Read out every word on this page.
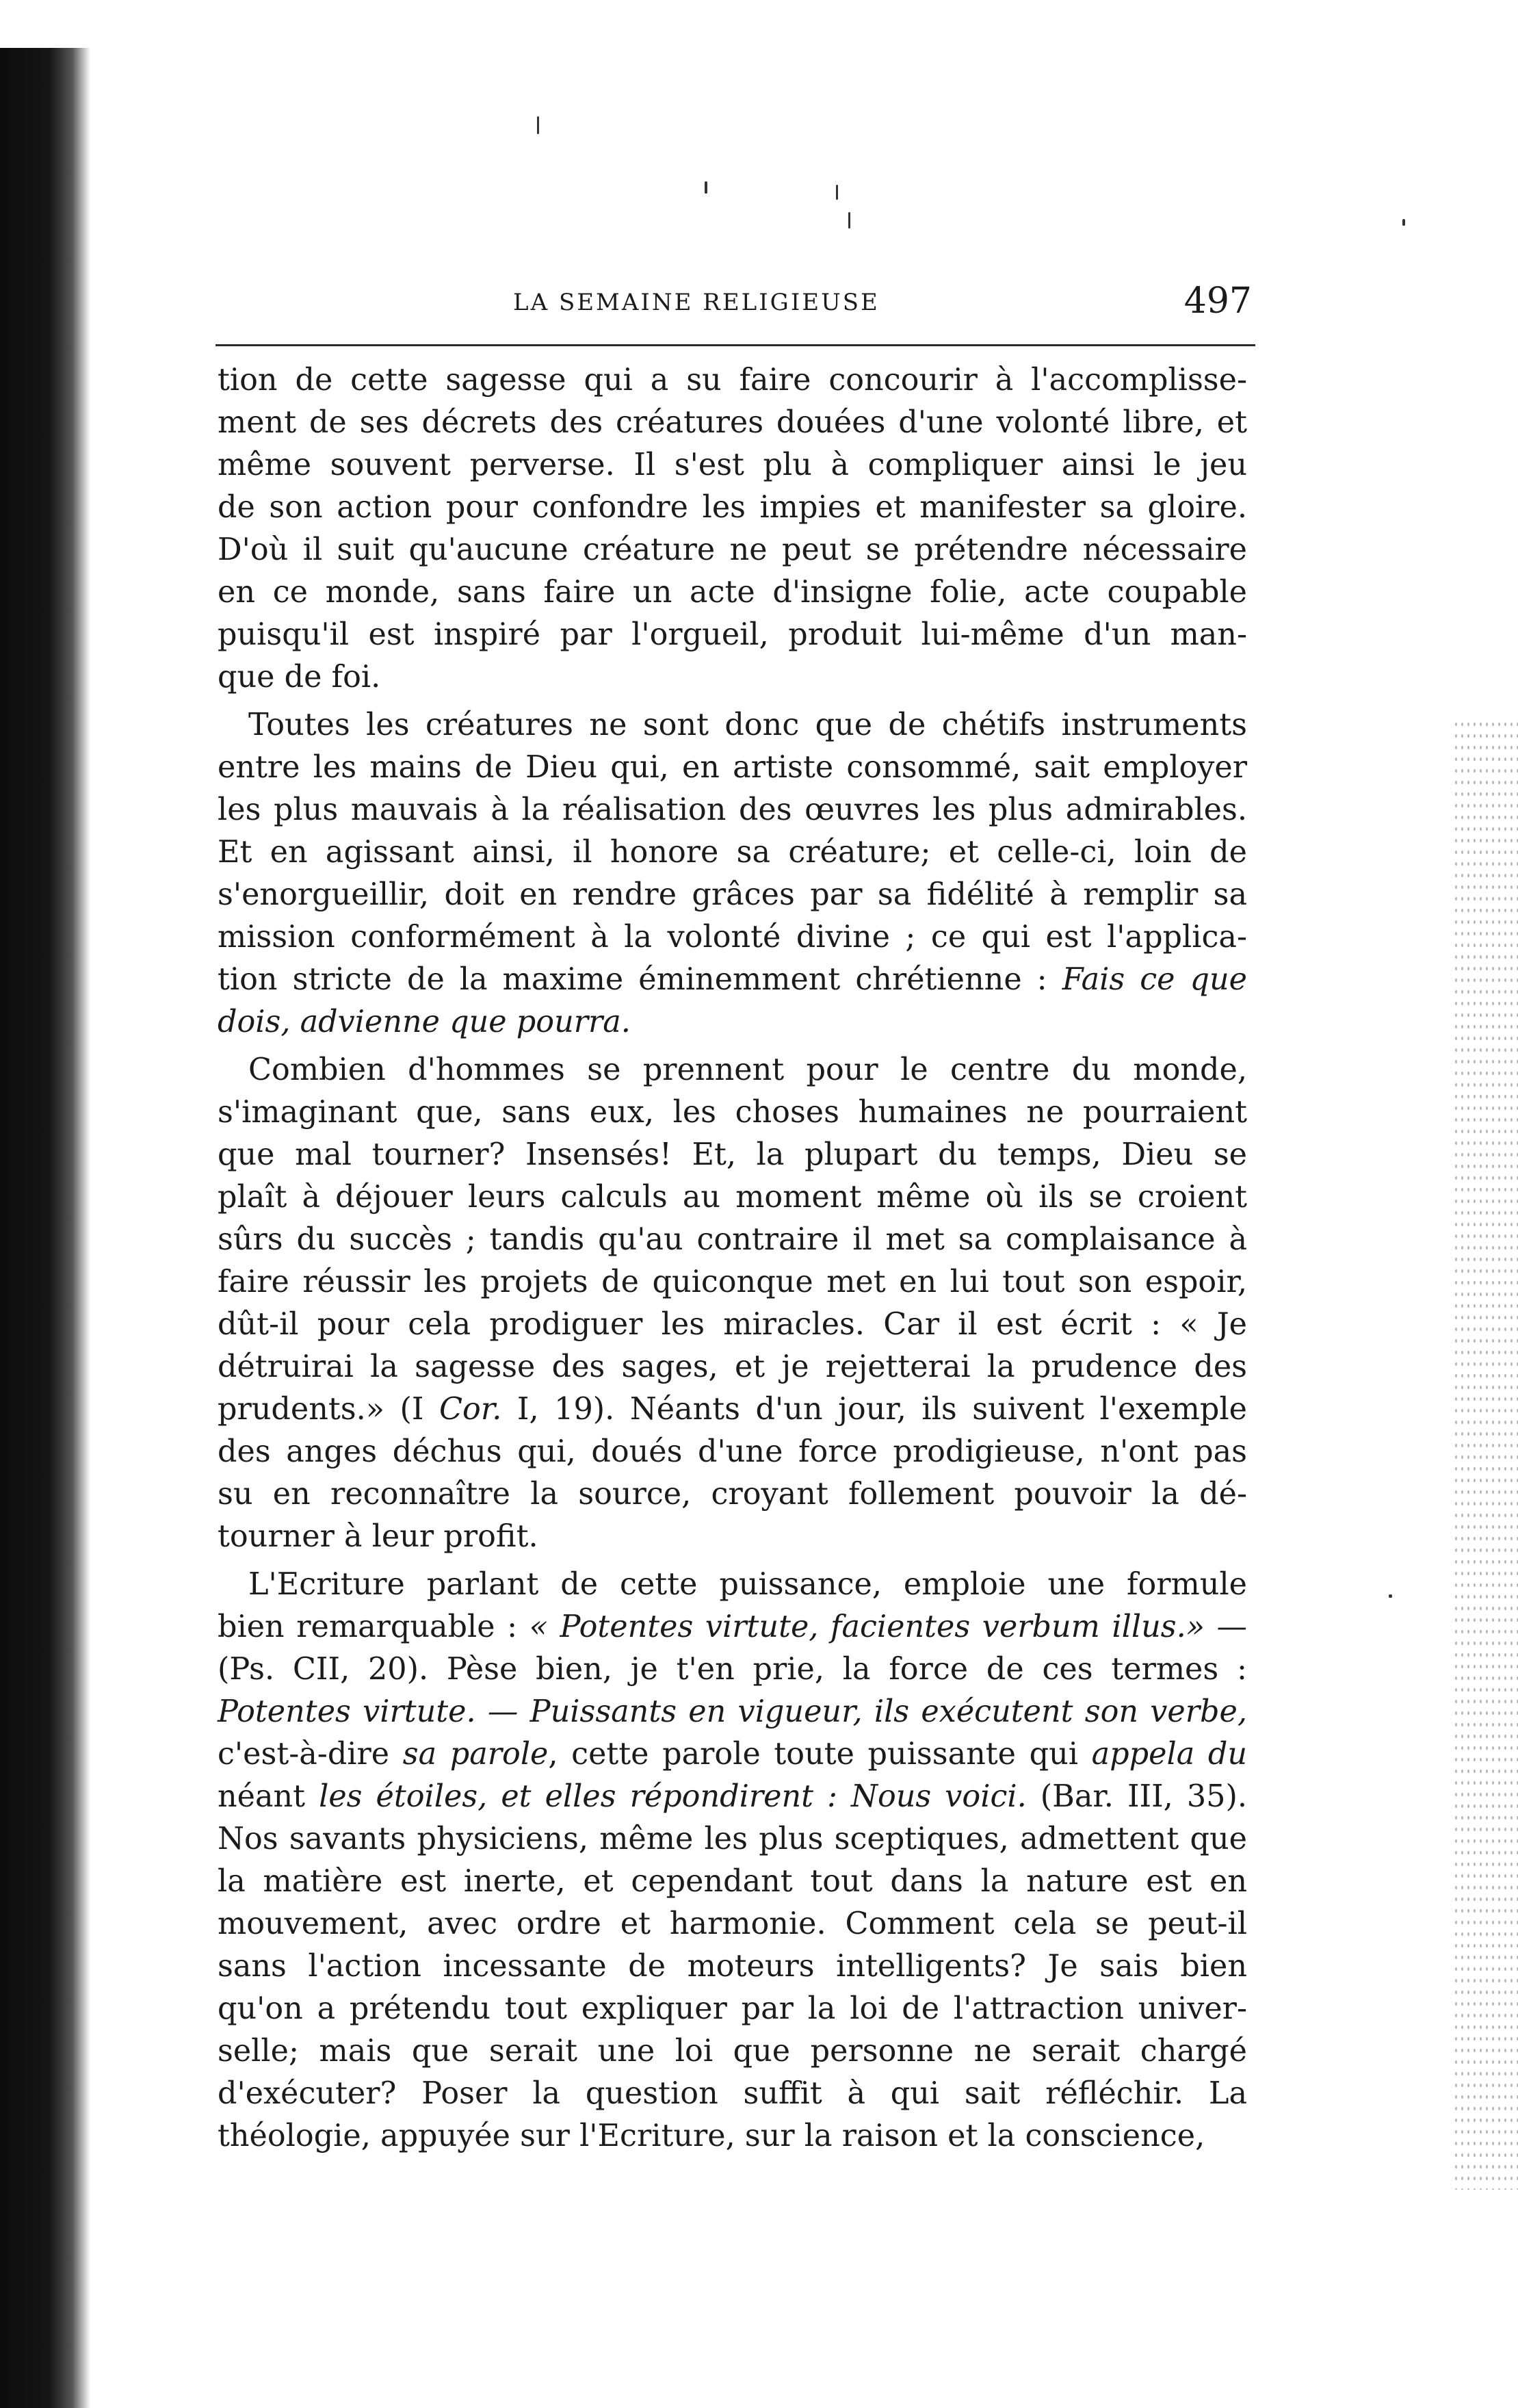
LA SEMAINE RELIGIEUSE	497
tion de cette sagesse qui a su faire concourir à l'accomplisse-
ment de ses décrets des créatures douées d'une volonté libre, et
même souvent perverse. Il s'est plu à compliquer ainsi le jeu
de son action pour confondre les impies et manifester sa gloire.
D'où il suit qu'aucune créature ne peut se prétendre nécessaire
en ce monde, sans faire un acte d'insigne folie, acte coupable
puisqu'il est inspiré par l'orgueil, produit lui-même d'un man-
que de foi.
Toutes les créatures ne sont donc que de chétifs instruments
entre les mains de Dieu qui, en artiste consommé, sait employer
les plus mauvais à la réalisation des œuvres les plus admirables.
Et en agissant ainsi, il honore sa créature; et celle-ci, loin de
s'enorgueillir, doit en rendre grâces par sa fidélité à remplir sa
mission conformément à la volonté divine ; ce qui est l'applica-
tion stricte de la maxime éminemment chrétienne : Fais ce que
dois, advienne que pourra.
Combien d'hommes se prennent pour le centre du monde,
s'imaginant que, sans eux, les choses humaines ne pourraient
que mal tourner? Insensés! Et, la plupart du temps, Dieu se
plaît à déjouer leurs calculs au moment même où ils se croient
sûrs du succès ; tandis qu'au contraire il met sa complaisance à
faire réussir les projets de quiconque met en lui tout son espoir,
dût-il pour cela prodiguer les miracles. Car il est écrit : « Je
détruirai la sagesse des sages, et je rejetterai la prudence des
prudents.» (I Cor. I, 19). Néants d'un jour, ils suivent l'exemple
des anges déchus qui, doués d'une force prodigieuse, n'ont pas
su en reconnaître la source, croyant follement pouvoir la dé-
tourner à leur profit.
L'Ecriture parlant de cette puissance, emploie une formule
bien remarquable : « Potentes virtute, facientes verbum illus.» —
(Ps. CII, 20). Pèse bien, je t'en prie, la force de ces termes :
Potentes virtute. — Puissants en vigueur, ils exécutent son verbe,
c'est-à-dire sa parole, cette parole toute puissante qui appela du
néant les étoiles, et elles répondirent : Nous voici. (Bar. III, 35).
Nos savants physiciens, même les plus sceptiques, admettent que
la matière est inerte, et cependant tout dans la nature est en
mouvement, avec ordre et harmonie. Comment cela se peut-il
sans l'action incessante de moteurs intelligents? Je sais bien
qu'on a prétendu tout expliquer par la loi de l'attraction univer-
selle; mais que serait une loi que personne ne serait chargé
d'exécuter? Poser la question suffit à qui sait réfléchir. La
théologie, appuyée sur l'Ecriture, sur la raison et la conscience,
